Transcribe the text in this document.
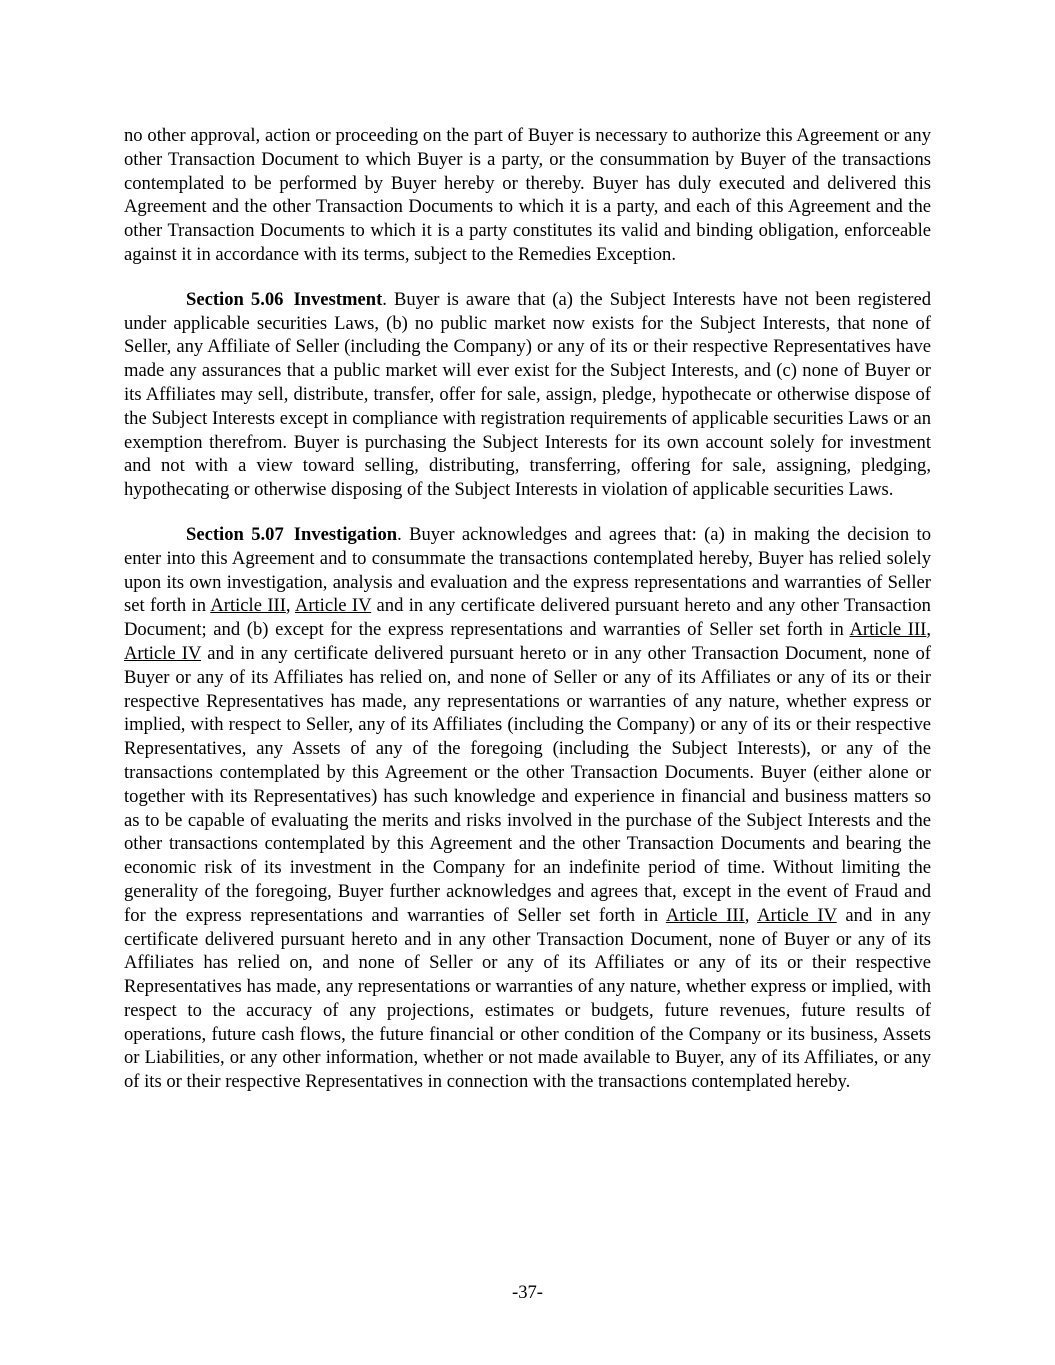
no other approval, action or proceeding on the part of Buyer is necessary to authorize this Agreement or any other Transaction Document to which Buyer is a party, or the consummation by Buyer of the transactions contemplated to be performed by Buyer hereby or thereby. Buyer has duly executed and delivered this Agreement and the other Transaction Documents to which it is a party, and each of this Agreement and the other Transaction Documents to which it is a party constitutes its valid and binding obligation, enforceable against it in accordance with its terms, subject to the Remedies Exception.

Section 5.06 Investment. Buyer is aware that (a) the Subject Interests have not been registered under applicable securities Laws, (b) no public market now exists for the Subject Interests, that none of Seller, any Affiliate of Seller (including the Company) or any of its or their respective Representatives have made any assurances that a public market will ever exist for the Subject Interests, and (c) none of Buyer or its Affiliates may sell, distribute, transfer, offer for sale, assign, pledge, hypothecate or otherwise dispose of the Subject Interests except in compliance with registration requirements of applicable securities Laws or an exemption therefrom. Buyer is purchasing the Subject Interests for its own account solely for investment and not with a view toward selling, distributing, transferring, offering for sale, assigning, pledging, hypothecating or otherwise disposing of the Subject Interests in violation of applicable securities Laws.

Section 5.07 Investigation. Buyer acknowledges and agrees that: (a) in making the decision to enter into this Agreement and to consummate the transactions contemplated hereby, Buyer has relied solely upon its own investigation, analysis and evaluation and the express representations and warranties of Seller set forth in Article III, Article IV and in any certificate delivered pursuant hereto and any other Transaction Document; and (b) except for the express representations and warranties of Seller set forth in Article III, Article IV and in any certificate delivered pursuant hereto or in any other Transaction Document, none of Buyer or any of its Affiliates has relied on, and none of Seller or any of its Affiliates or any of its or their respective Representatives has made, any representations or warranties of any nature, whether express or implied, with respect to Seller, any of its Affiliates (including the Company) or any of its or their respective Representatives, any Assets of any of the foregoing (including the Subject Interests), or any of the transactions contemplated by this Agreement or the other Transaction Documents. Buyer (either alone or together with its Representatives) has such knowledge and experience in financial and business matters so as to be capable of evaluating the merits and risks involved in the purchase of the Subject Interests and the other transactions contemplated by this Agreement and the other Transaction Documents and bearing the economic risk of its investment in the Company for an indefinite period of time. Without limiting the generality of the foregoing, Buyer further acknowledges and agrees that, except in the event of Fraud and for the express representations and warranties of Seller set forth in Article III, Article IV and in any certificate delivered pursuant hereto and in any other Transaction Document, none of Buyer or any of its Affiliates has relied on, and none of Seller or any of its Affiliates or any of its or their respective Representatives has made, any representations or warranties of any nature, whether express or implied, with respect to the accuracy of any projections, estimates or budgets, future revenues, future results of operations, future cash flows, the future financial or other condition of the Company or its business, Assets or Liabilities, or any other information, whether or not made available to Buyer, any of its Affiliates, or any of its or their respective Representatives in connection with the transactions contemplated hereby.

-37-
